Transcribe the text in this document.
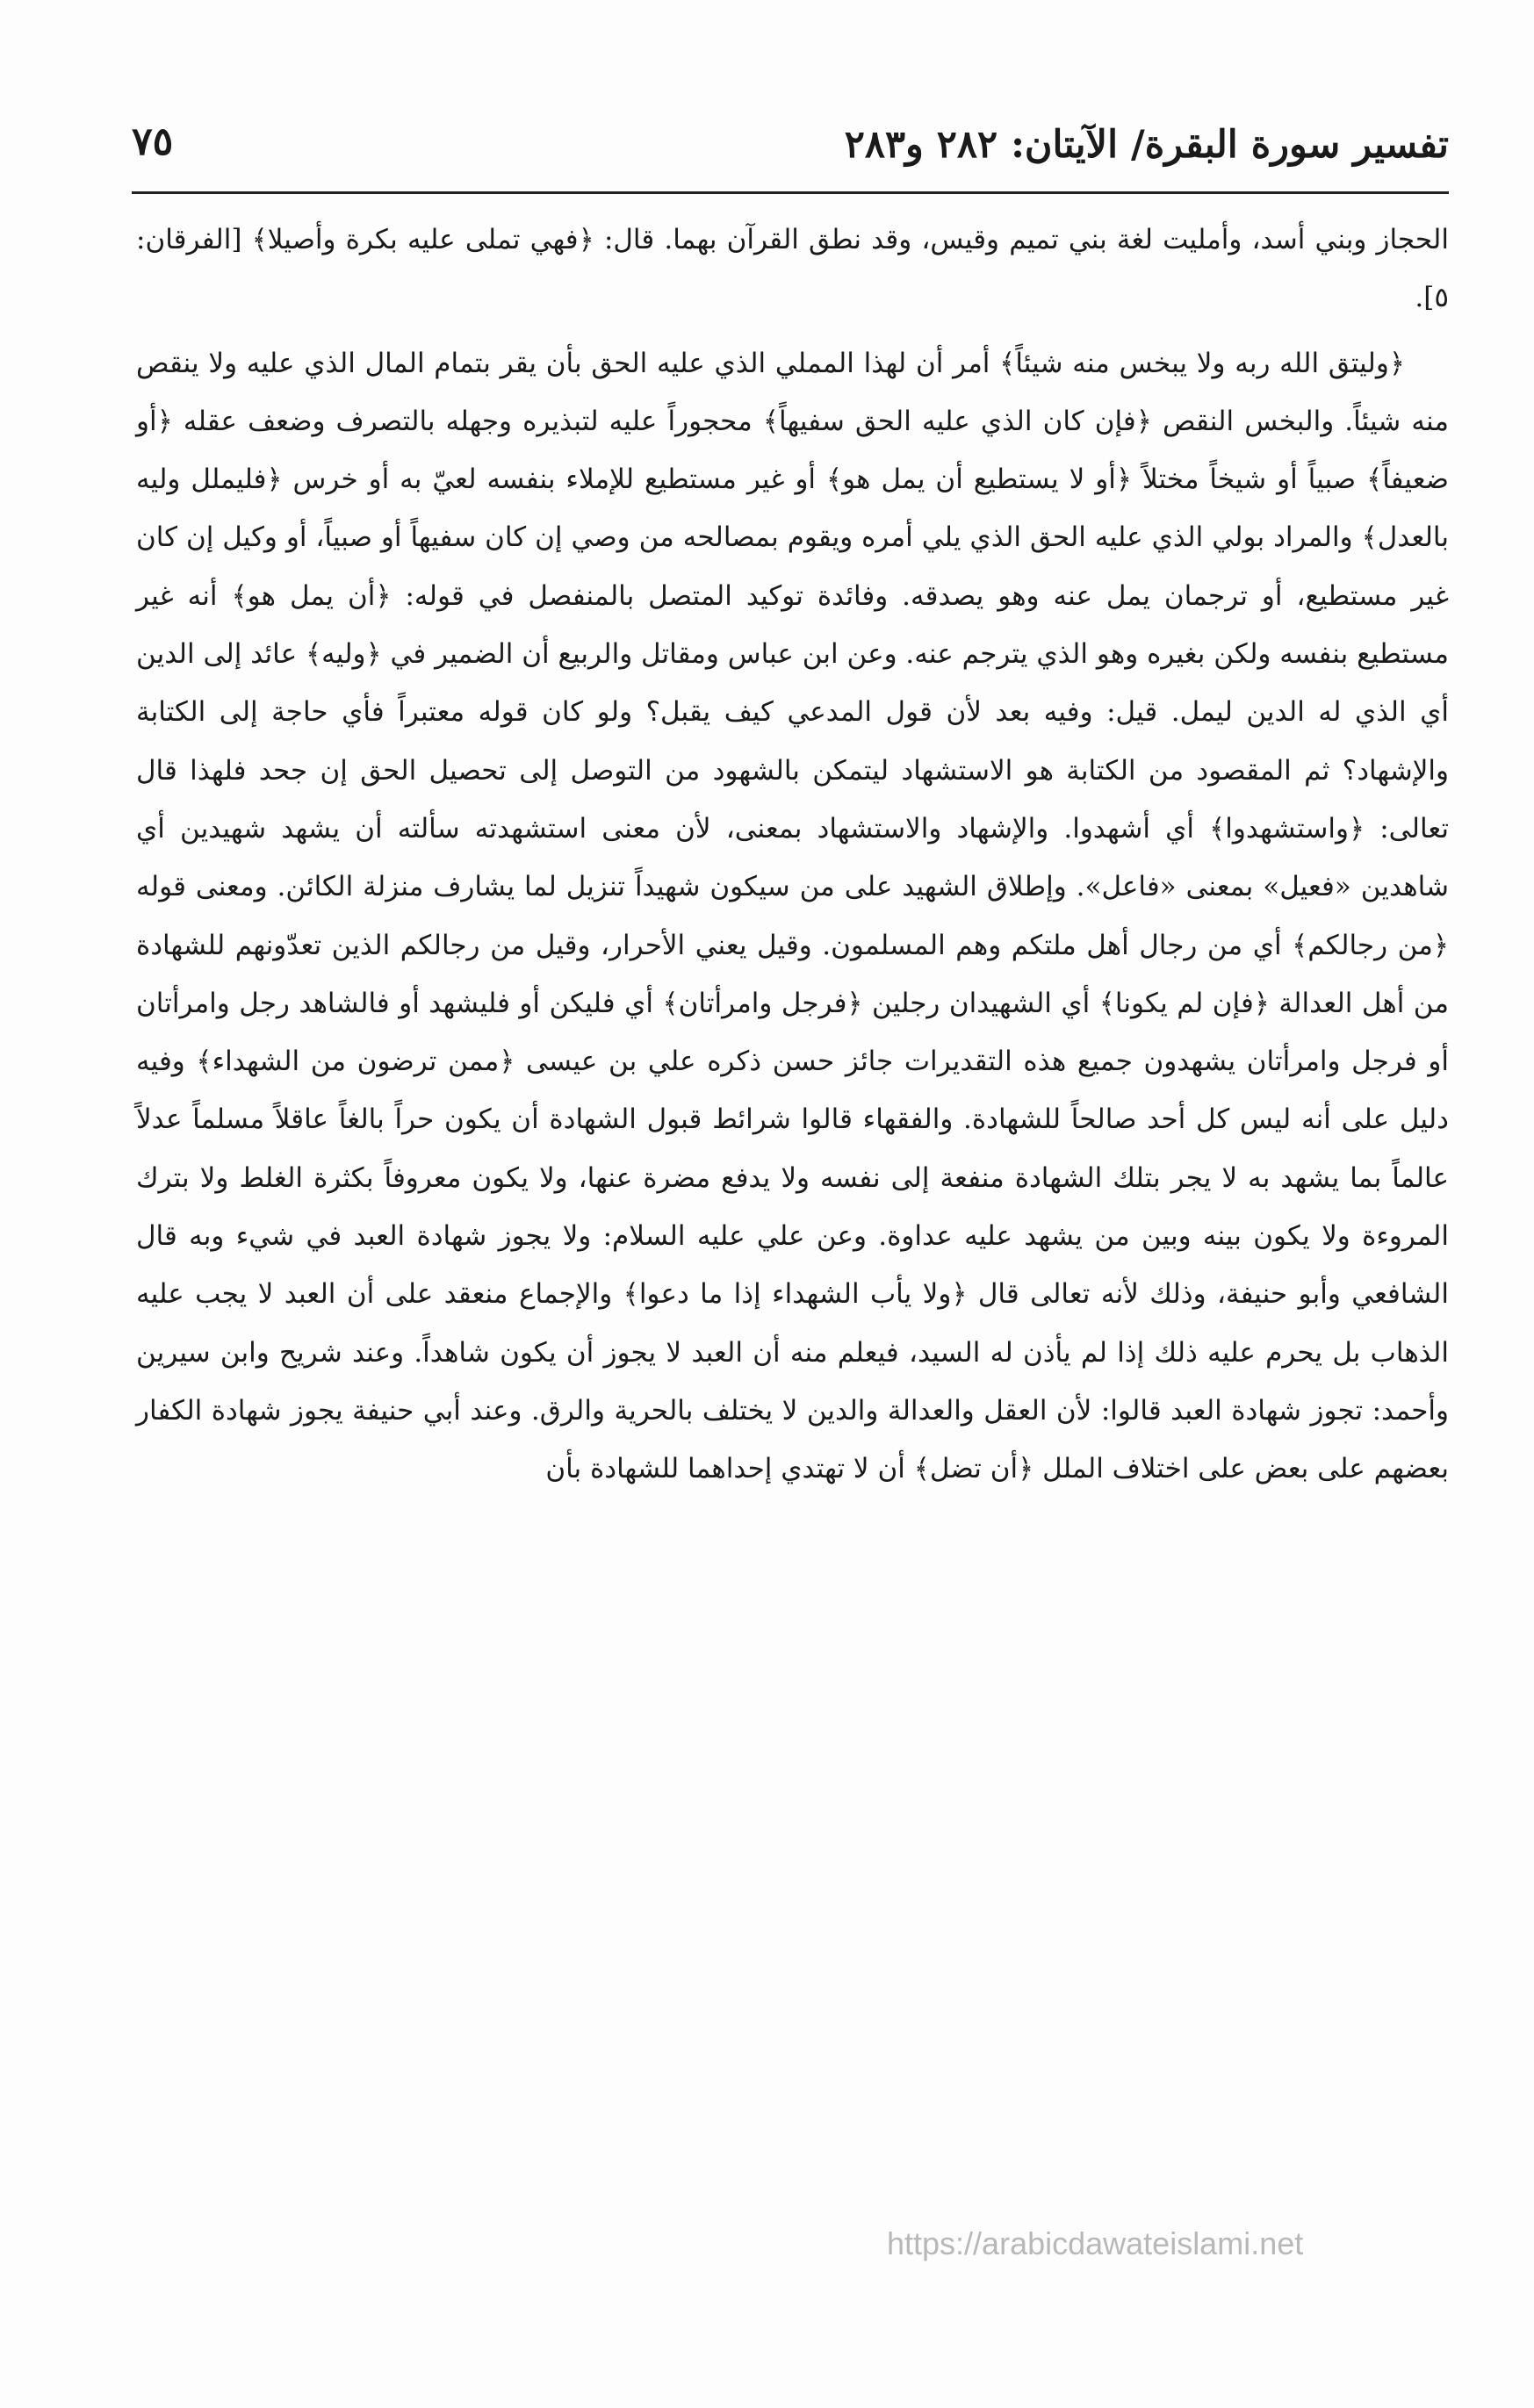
تفسير سورة البقرة/ الآيتان: ٢٨٢ و٢٨٣
٧٥

الحجاز وبني أسد، وأمليت لغة بني تميم وقيس، وقد نطق القرآن بهما. قال: ﴿فهي تملى عليه بكرة وأصيلا﴾ [الفرقان: ٥].

﴿وليتق الله ربه ولا يبخس منه شيئاً﴾ أمر أن لهذا المملي الذي عليه الحق بأن يقر بتمام المال الذي عليه ولا ينقص منه شيئاً. والبخس النقص ﴿فإن كان الذي عليه الحق سفيهاً﴾ محجوراً عليه لتبذيره وجهله بالتصرف وضعف عقله ﴿أو ضعيفاً﴾ صبياً أو شيخاً مختلاً ﴿أو لا يستطيع أن يمل هو﴾ أو غير مستطيع للإملاء بنفسه لعيّ به أو خرس ﴿فليملل وليه بالعدل﴾ والمراد بولي الذي عليه الحق الذي يلي أمره ويقوم بمصالحه من وصي إن كان سفيهاً أو صبياً، أو وكيل إن كان غير مستطيع، أو ترجمان يمل عنه وهو يصدقه. وفائدة توكيد المتصل بالمنفصل في قوله: ﴿أن يمل هو﴾ أنه غير مستطيع بنفسه ولكن بغيره وهو الذي يترجم عنه. وعن ابن عباس ومقاتل والربيع أن الضمير في ﴿وليه﴾ عائد إلى الدين أي الذي له الدين ليمل. قيل: وفيه بعد لأن قول المدعي كيف يقبل؟ ولو كان قوله معتبراً فأي حاجة إلى الكتابة والإشهاد؟ ثم المقصود من الكتابة هو الاستشهاد ليتمكن بالشهود من التوصل إلى تحصيل الحق إن جحد فلهذا قال تعالى: ﴿واستشهدوا﴾ أي أشهدوا. والإشهاد والاستشهاد بمعنى، لأن معنى استشهدته سألته أن يشهد شهيدين أي شاهدين «فعيل» بمعنى «فاعل». وإطلاق الشهيد على من سيكون شهيداً تنزيل لما يشارف منزلة الكائن. ومعنى قوله ﴿من رجالكم﴾ أي من رجال أهل ملتكم وهم المسلمون. وقيل يعني الأحرار، وقيل من رجالكم الذين تعدّونهم للشهادة من أهل العدالة ﴿فإن لم يكونا﴾ أي الشهيدان رجلين ﴿فرجل وامرأتان﴾ أي فليكن أو فليشهد أو فالشاهد رجل وامرأتان أو فرجل وامرأتان يشهدون جميع هذه التقديرات جائز حسن ذكره علي بن عيسى ﴿ممن ترضون من الشهداء﴾ وفيه دليل على أنه ليس كل أحد صالحاً للشهادة. والفقهاء قالوا شرائط قبول الشهادة أن يكون حراً بالغاً عاقلاً مسلماً عدلاً عالماً بما يشهد به لا يجر بتلك الشهادة منفعة إلى نفسه ولا يدفع مضرة عنها، ولا يكون معروفاً بكثرة الغلط ولا بترك المروءة ولا يكون بينه وبين من يشهد عليه عداوة. وعن علي عليه السلام: ولا يجوز شهادة العبد في شيء وبه قال الشافعي وأبو حنيفة، وذلك لأنه تعالى قال ﴿ولا يأب الشهداء إذا ما دعوا﴾ والإجماع منعقد على أن العبد لا يجب عليه الذهاب بل يحرم عليه ذلك إذا لم يأذن له السيد، فيعلم منه أن العبد لا يجوز أن يكون شاهداً. وعند شريح وابن سيرين وأحمد: تجوز شهادة العبد قالوا: لأن العقل والعدالة والدين لا يختلف بالحرية والرق. وعند أبي حنيفة يجوز شهادة الكفار بعضهم على بعض على اختلاف الملل ﴿أن تضل﴾ أن لا تهتدي إحداهما للشهادة بأن

https://arabicdawateislami.net
